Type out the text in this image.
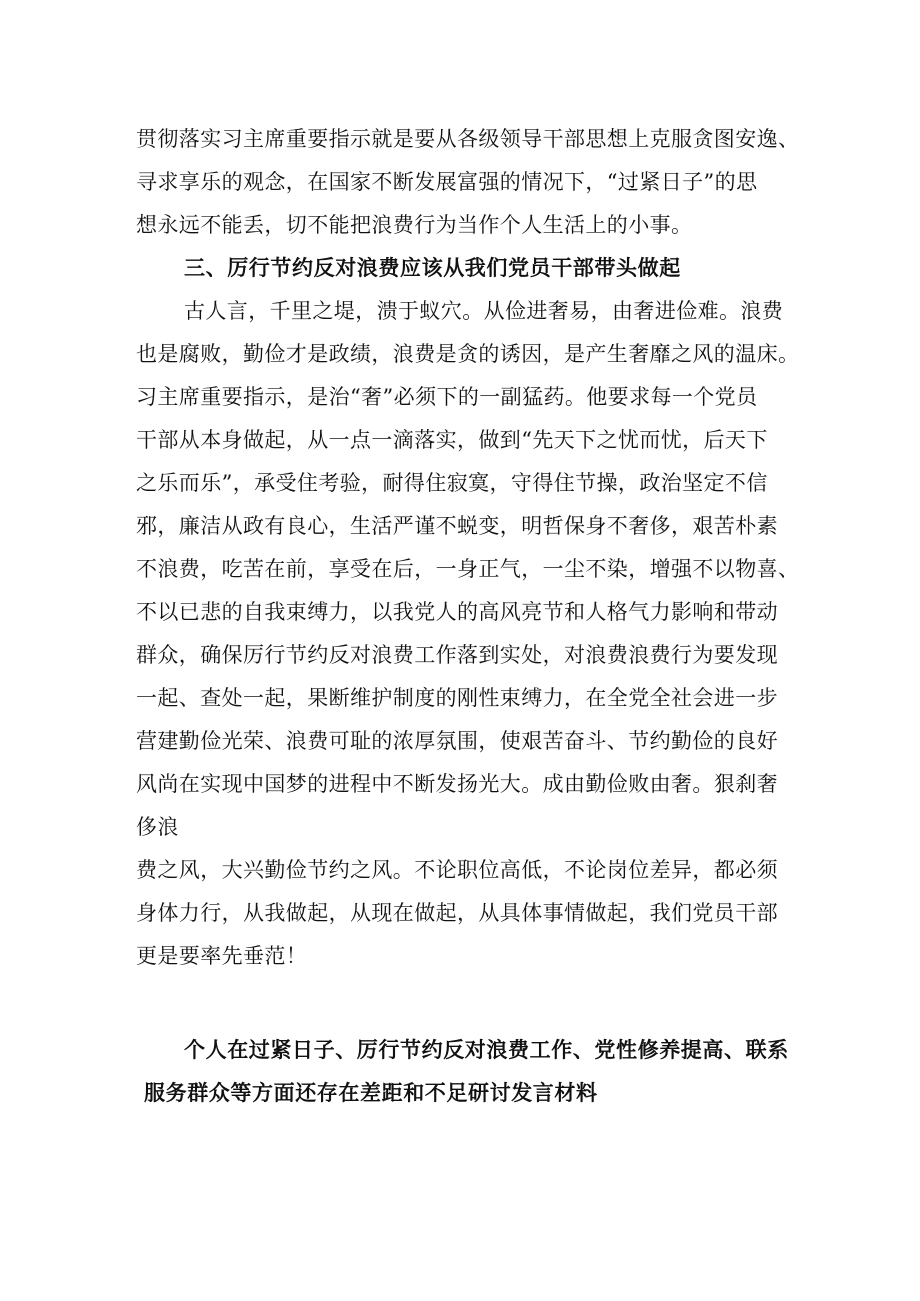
贯彻落实习主席重要指示就是要从各级领导干部思想上克服贪图安逸、
寻求享乐的观念，在国家不断发展富强的情况下，“过紧日子”的思
想永远不能丢，切不能把浪费行为当作个人生活上的小事。
三、厉行节约反对浪费应该从我们党员干部带头做起
古人言，千里之堤，溃于蚁穴。从俭进奢易，由奢进俭难。浪费
也是腐败，勤俭才是政绩，浪费是贪的诱因，是产生奢靡之风的温床。
习主席重要指示，是治“奢”必须下的一副猛药。他要求每一个党员
干部从本身做起，从一点一滴落实，做到“先天下之忧而忧，后天下
之乐而乐”，承受住考验，耐得住寂寞，守得住节操，政治坚定不信
邪，廉洁从政有良心，生活严谨不蜕变，明哲保身不奢侈，艰苦朴素
不浪费，吃苦在前，享受在后，一身正气，一尘不染，增强不以物喜、
不以已悲的自我束缚力，以我党人的高风亮节和人格气力影响和带动
群众，确保厉行节约反对浪费工作落到实处，对浪费浪费行为要发现
一起、查处一起，果断维护制度的刚性束缚力，在全党全社会进一步
营建勤俭光荣、浪费可耻的浓厚氛围，使艰苦奋斗、节约勤俭的良好
风尚在实现中国梦的进程中不断发扬光大。成由勤俭败由奢。狠刹奢
侈浪
费之风，大兴勤俭节约之风。不论职位高低，不论岗位差异，都必须
身体力行，从我做起，从现在做起，从具体事情做起，我们党员干部
更是要率先垂范！
个人在过紧日子、厉行节约反对浪费工作、党性修养提高、联系
服务群众等方面还存在差距和不足研讨发言材料
